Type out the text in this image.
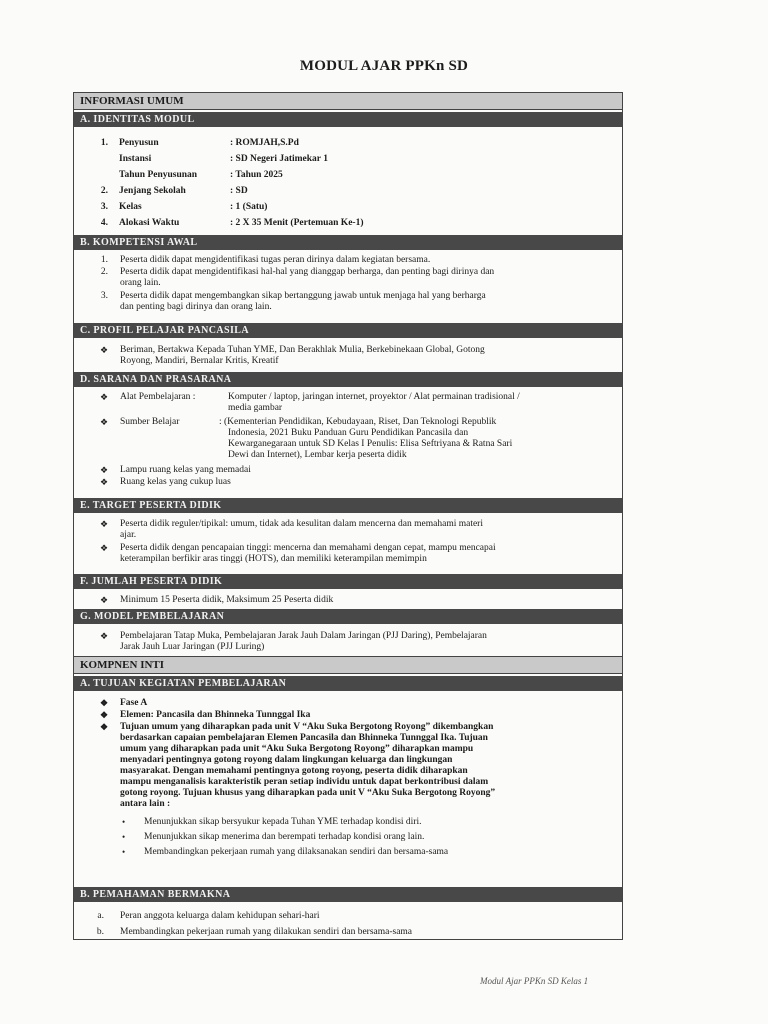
MODUL AJAR PPKn SD
INFORMASI UMUM
A. IDENTITAS MODUL
1. Penyusun	: ROMJAH,S.Pd
Instansi	: SD Negeri Jatimekar 1
Tahun Penyusunan	: Tahun 2025
2. Jenjang Sekolah	: SD
3. Kelas	: 1 (Satu)
4. Alokasi Waktu	: 2 X 35 Menit (Pertemuan Ke-1)
B. KOMPETENSI AWAL
1. Peserta didik dapat mengidentifikasi tugas peran dirinya dalam kegiatan bersama.
2. Peserta didik dapat mengidentifikasi hal-hal yang dianggap berharga, dan penting bagi dirinya dan
orang lain.
3. Peserta didik dapat mengembangkan sikap bertanggung jawab untuk menjaga hal yang berharga
dan penting bagi dirinya dan orang lain.
C. PROFIL PELAJAR PANCASILA
❖ Beriman, Bertakwa Kepada Tuhan YME, Dan Berakhlak Mulia, Berkebinekaan Global, Gotong
Royong, Mandiri, Bernalar Kritis, Kreatif
D. SARANA DAN PRASARANA
❖ Alat Pembelajaran :	Komputer / laptop, jaringan internet, proyektor / Alat permainan tradisional /
media gambar
❖ Sumber Belajar	: (Kementerian Pendidikan, Kebudayaan, Riset, Dan Teknologi Republik
Indonesia, 2021 Buku Panduan Guru Pendidikan Pancasila dan
Kewarganegaraan untuk SD Kelas I Penulis: Elisa Seftriyana & Ratna Sari
Dewi dan Internet), Lembar kerja peserta didik
❖ Lampu ruang kelas yang memadai
❖ Ruang kelas yang cukup luas
E. TARGET PESERTA DIDIK
❖ Peserta didik reguler/tipikal: umum, tidak ada kesulitan dalam mencerna dan memahami materi
ajar.
❖ Peserta didik dengan pencapaian tinggi: mencerna dan memahami dengan cepat, mampu mencapai
keterampilan berfikir aras tinggi (HOTS), dan memiliki keterampilan memimpin
F. JUMLAH PESERTA DIDIK
❖ Minimum 15 Peserta didik, Maksimum 25 Peserta didik
G. MODEL PEMBELAJARAN
❖ Pembelajaran Tatap Muka, Pembelajaran Jarak Jauh Dalam Jaringan (PJJ Daring), Pembelajaran
Jarak Jauh Luar Jaringan (PJJ Luring)
KOMPNEN INTI
A. TUJUAN KEGIATAN PEMBELAJARAN
❖ Fase A
❖ Elemen: Pancasila dan Bhinneka Tunnggal Ika
❖ Tujuan umum yang diharapkan pada unit V “Aku Suka Bergotong Royong” dikembangkan
berdasarkan capaian pembelajaran Elemen Pancasila dan Bhinneka Tunnggal Ika. Tujuan
umum yang diharapkan pada unit “Aku Suka Bergotong Royong” diharapkan mampu
menyadari pentingnya gotong royong dalam lingkungan keluarga dan lingkungan
masyarakat. Dengan memahami pentingnya gotong royong, peserta didik diharapkan
mampu menganalisis karakteristik peran setiap individu untuk dapat berkontribusi dalam
gotong royong. Tujuan khusus yang diharapkan pada unit V “Aku Suka Bergotong Royong”
antara lain :
• Menunjukkan sikap bersyukur kepada Tuhan YME terhadap kondisi diri.
• Menunjukkan sikap menerima dan berempati terhadap kondisi orang lain.
• Membandingkan pekerjaan rumah yang dilaksanakan sendiri dan bersama-sama
B. PEMAHAMAN BERMAKNA
a. Peran anggota keluarga dalam kehidupan sehari-hari
b. Membandingkan pekerjaan rumah yang dilakukan sendiri dan bersama-sama
Modul Ajar PPKn SD Kelas 1
